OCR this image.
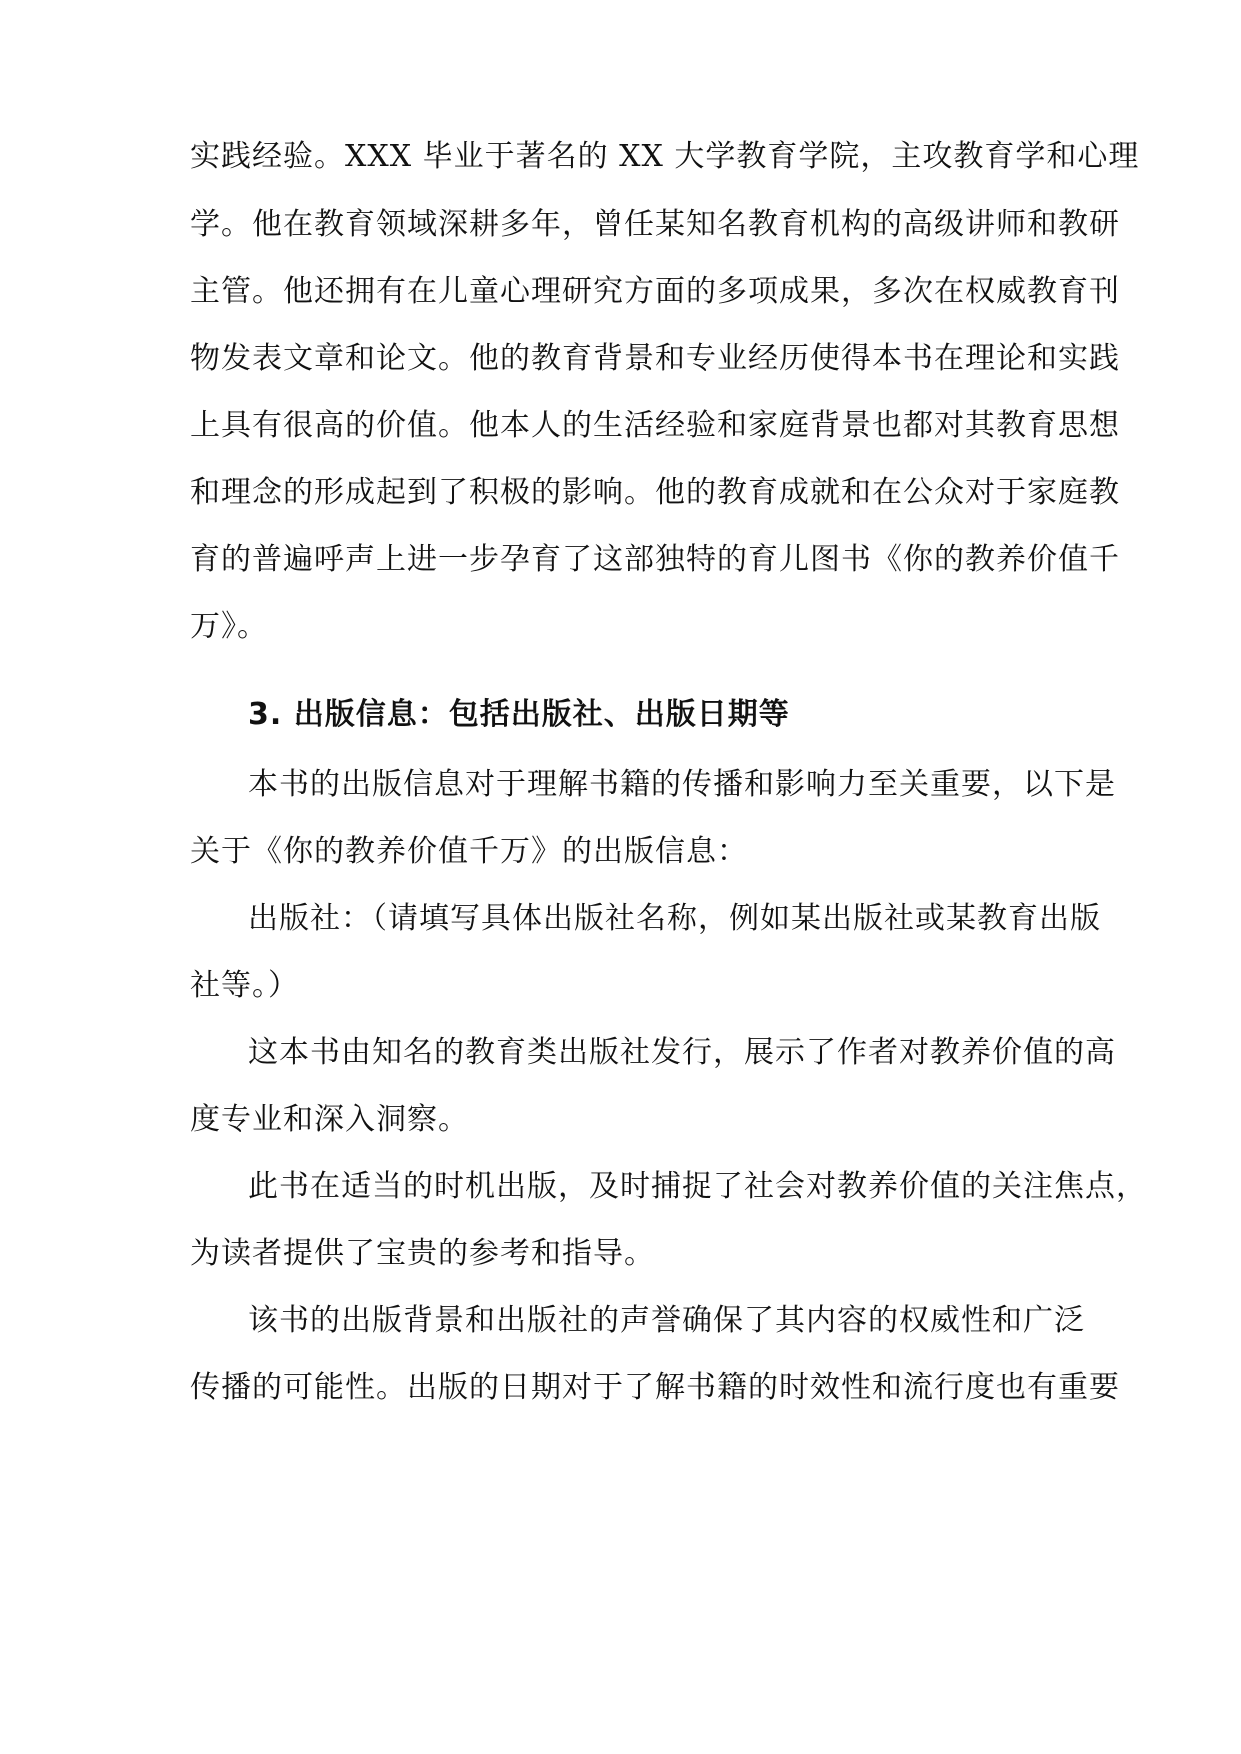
实践经验。XXX 毕业于著名的 XX 大学教育学院，主攻教育学和心理
学。他在教育领域深耕多年，曾任某知名教育机构的高级讲师和教研
主管。他还拥有在儿童心理研究方面的多项成果，多次在权威教育刊
物发表文章和论文。他的教育背景和专业经历使得本书在理论和实践
上具有很高的价值。他本人的生活经验和家庭背景也都对其教育思想
和理念的形成起到了积极的影响。他的教育成就和在公众对于家庭教
育的普遍呼声上进一步孕育了这部独特的育儿图书《你的教养价值千
万》。
3. 出版信息：包括出版社、出版日期等
本书的出版信息对于理解书籍的传播和影响力至关重要，以下是
关于《你的教养价值千万》的出版信息：
出版社：（请填写具体出版社名称，例如某出版社或某教育出版
社等。）
这本书由知名的教育类出版社发行，展示了作者对教养价值的高
度专业和深入洞察。
此书在适当的时机出版，及时捕捉了社会对教养价值的关注焦点，
为读者提供了宝贵的参考和指导。
该书的出版背景和出版社的声誉确保了其内容的权威性和广泛
传播的可能性。出版的日期对于了解书籍的时效性和流行度也有重要
